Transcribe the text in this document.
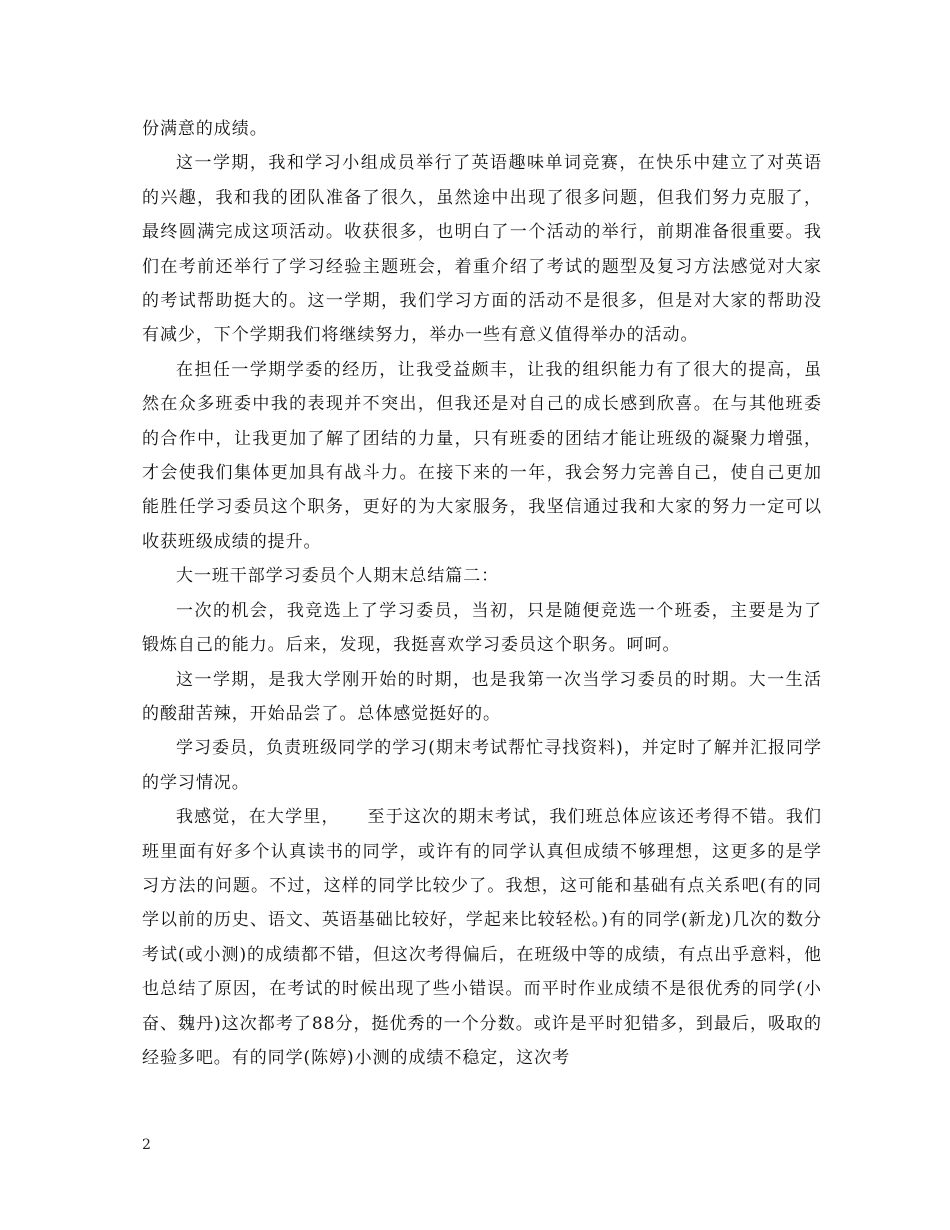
份满意的成绩。

这一学期，我和学习小组成员举行了英语趣味单词竞赛，在快乐中建立了对英语的兴趣，我和我的团队准备了很久，虽然途中出现了很多问题，但我们努力克服了，最终圆满完成这项活动。收获很多，也明白了一个活动的举行，前期准备很重要。我们在考前还举行了学习经验主题班会，着重介绍了考试的题型及复习方法感觉对大家的考试帮助挺大的。这一学期，我们学习方面的活动不是很多，但是对大家的帮助没有减少，下个学期我们将继续努力，举办一些有意义值得举办的活动。

在担任一学期学委的经历，让我受益颇丰，让我的组织能力有了很大的提高，虽然在众多班委中我的表现并不突出，但我还是对自己的成长感到欣喜。在与其他班委的合作中，让我更加了解了团结的力量，只有班委的团结才能让班级的凝聚力增强，才会使我们集体更加具有战斗力。在接下来的一年，我会努力完善自己，使自己更加能胜任学习委员这个职务，更好的为大家服务，我坚信通过我和大家的努力一定可以收获班级成绩的提升。

大一班干部学习委员个人期末总结篇二：

一次的机会，我竞选上了学习委员，当初，只是随便竞选一个班委，主要是为了锻炼自己的能力。后来，发现，我挺喜欢学习委员这个职务。呵呵。

这一学期，是我大学刚开始的时期，也是我第一次当学习委员的时期。大一生活的酸甜苦辣，开始品尝了。总体感觉挺好的。

学习委员，负责班级同学的学习(期末考试帮忙寻找资料)，并定时了解并汇报同学的学习情况。

我感觉，在大学里，　　至于这次的期末考试，我们班总体应该还考得不错。我们班里面有好多个认真读书的同学，或许有的同学认真但成绩不够理想，这更多的是学习方法的问题。不过，这样的同学比较少了。我想，这可能和基础有点关系吧(有的同学以前的历史、语文、英语基础比较好，学起来比较轻松。)有的同学(新龙)几次的数分考试(或小测)的成绩都不错，但这次考得偏后，在班级中等的成绩，有点出乎意料，他也总结了原因，在考试的时候出现了些小错误。而平时作业成绩不是很优秀的同学(小奋、魏丹)这次都考了88分，挺优秀的一个分数。或许是平时犯错多，到最后，吸取的经验多吧。有的同学(陈婷)小测的成绩不稳定，这次考

2
